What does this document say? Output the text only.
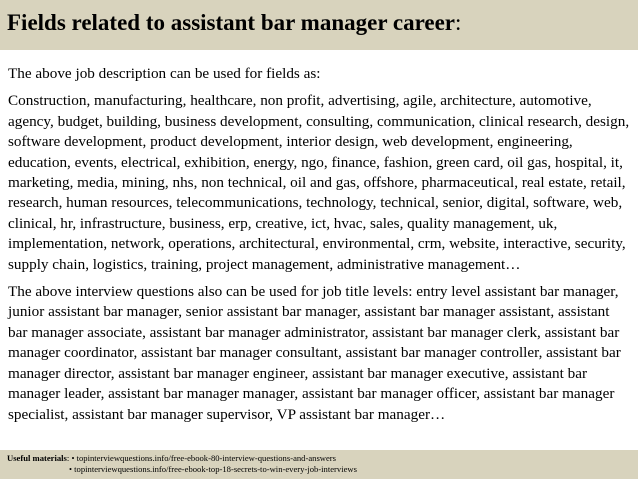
Fields related to assistant bar manager career:

The above job description can be used for fields as:

Construction, manufacturing, healthcare, non profit, advertising, agile, architecture, automotive, agency, budget, building, business development, consulting, communication, clinical research, design, software development, product development, interior design, web development, engineering, education, events, electrical, exhibition, energy, ngo, finance, fashion, green card, oil gas, hospital, it, marketing, media, mining, nhs, non technical, oil and gas, offshore, pharmaceutical, real estate, retail, research, human resources, telecommunications, technology, technical, senior, digital, software, web, clinical, hr, infrastructure, business, erp, creative, ict, hvac, sales, quality management, uk, implementation, network, operations, architectural, environmental, crm, website, interactive, security, supply chain, logistics, training, project management, administrative management…

The above interview questions also can be used for job title levels: entry level assistant bar manager, junior assistant bar manager, senior assistant bar manager, assistant bar manager assistant, assistant bar manager associate, assistant bar manager administrator, assistant bar manager clerk, assistant bar manager coordinator, assistant bar manager consultant, assistant bar manager controller, assistant bar manager director, assistant bar manager engineer, assistant bar manager executive, assistant bar manager leader, assistant bar manager manager, assistant bar manager officer, assistant bar manager specialist, assistant bar manager supervisor, VP assistant bar manager…

Useful materials: • topinterviewquestions.info/free-ebook-80-interview-questions-and-answers
• topinterviewquestions.info/free-ebook-top-18-secrets-to-win-every-job-interviews
